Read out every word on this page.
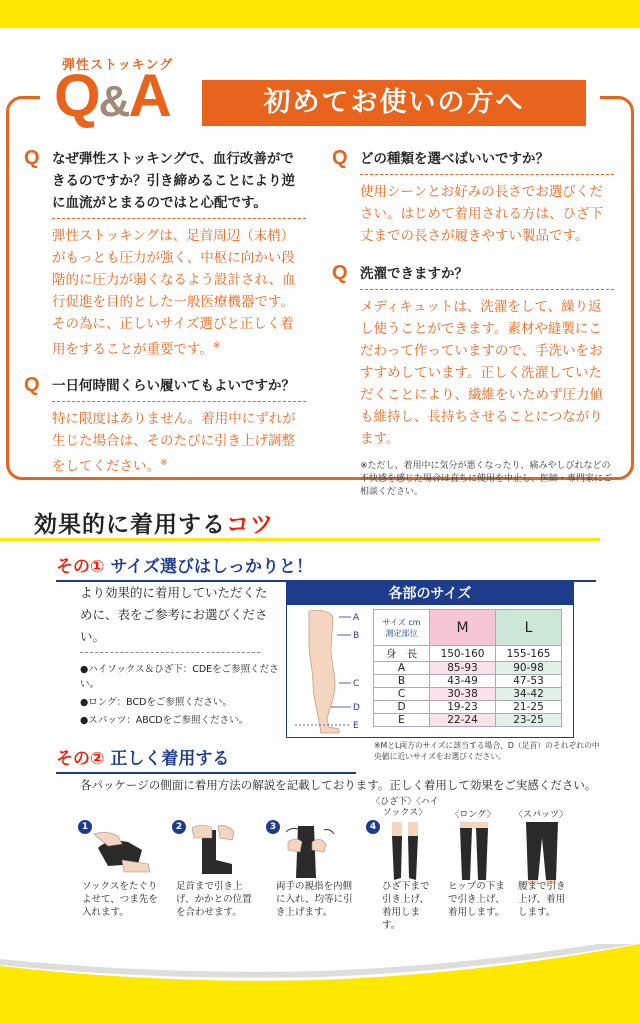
弾性ストッキング
Q&A	初めてお使いの方へ
Q なぜ弾性ストッキングで、血行改善ができるのですか？引き締めることにより逆に血流がとまるのではと心配です。
弾性ストッキングは、足首周辺（末梢）がもっとも圧力が強く、中枢に向かい段階的に圧力が弱くなるよう設計され、血行促進を目的とした一般医療機器です。その為に、正しいサイズ選びと正しく着用をすることが重要です。※
Q 一日何時間くらい履いてもよいですか？
特に限度はありません。着用中にずれが生じた場合は、そのたびに引き上げ調整をしてください。※
Q どの種類を選べばいいですか？
使用シーンとお好みの長さでお選びください。はじめて着用される方は、ひざ下丈までの長さが履きやすい製品です。
Q 洗濯できますか？
メディキュットは、洗濯をして、繰り返し使うことができます。素材や縫製にこだわって作っていますので、手洗いをおすすめしています。正しく洗濯していただくことにより、繊維をいためず圧力値も維持し、長持ちさせることにつながります。
※ただし、着用中に気分が悪くなったり、痛みやしびれなどの不快感を感じた場合は直ちに使用を中止し、医師・専門家にご相談ください。
効果的に着用するコツ
その① サイズ選びはしっかりと！
より効果的に着用していただくために、表をご参考にお選びください。
●ハイソックス＆ひざ下：CDEをご参照ください。
●ロング：BCDをご参照ください。
●スパッツ：ABCDをご参照ください。
各部のサイズ
A
B
C
D
E
サイズ cm
測定部位	M	L
身　長	150-160	155-165
A	85-93	90-98
B	43-49	47-53
C	30-38	34-42
D	19-23	21-25
E	22-24	23-25
※MとL両方のサイズに該当する場合、D（足首）のそれぞれの中央値に近いサイズをお選びください。
その② 正しく着用する
各パッケージの側面に着用方法の解説を記載しております。正しく着用して効果をご実感ください。
1
ソックスをたぐりよせて、つま先を入れます。
2
足首まで引き上げ、かかとの位置を合わせます。
3
両手の親指を内側に入れ、均等に引き上げます。
4
〈ひざ下〉〈ハイソックス〉	〈ロング〉	〈スパッツ〉
ひざ下まで引き上げ、着用します。
ヒップの下まで引き上げ、着用します。
腰まで引き上げ、着用します。
